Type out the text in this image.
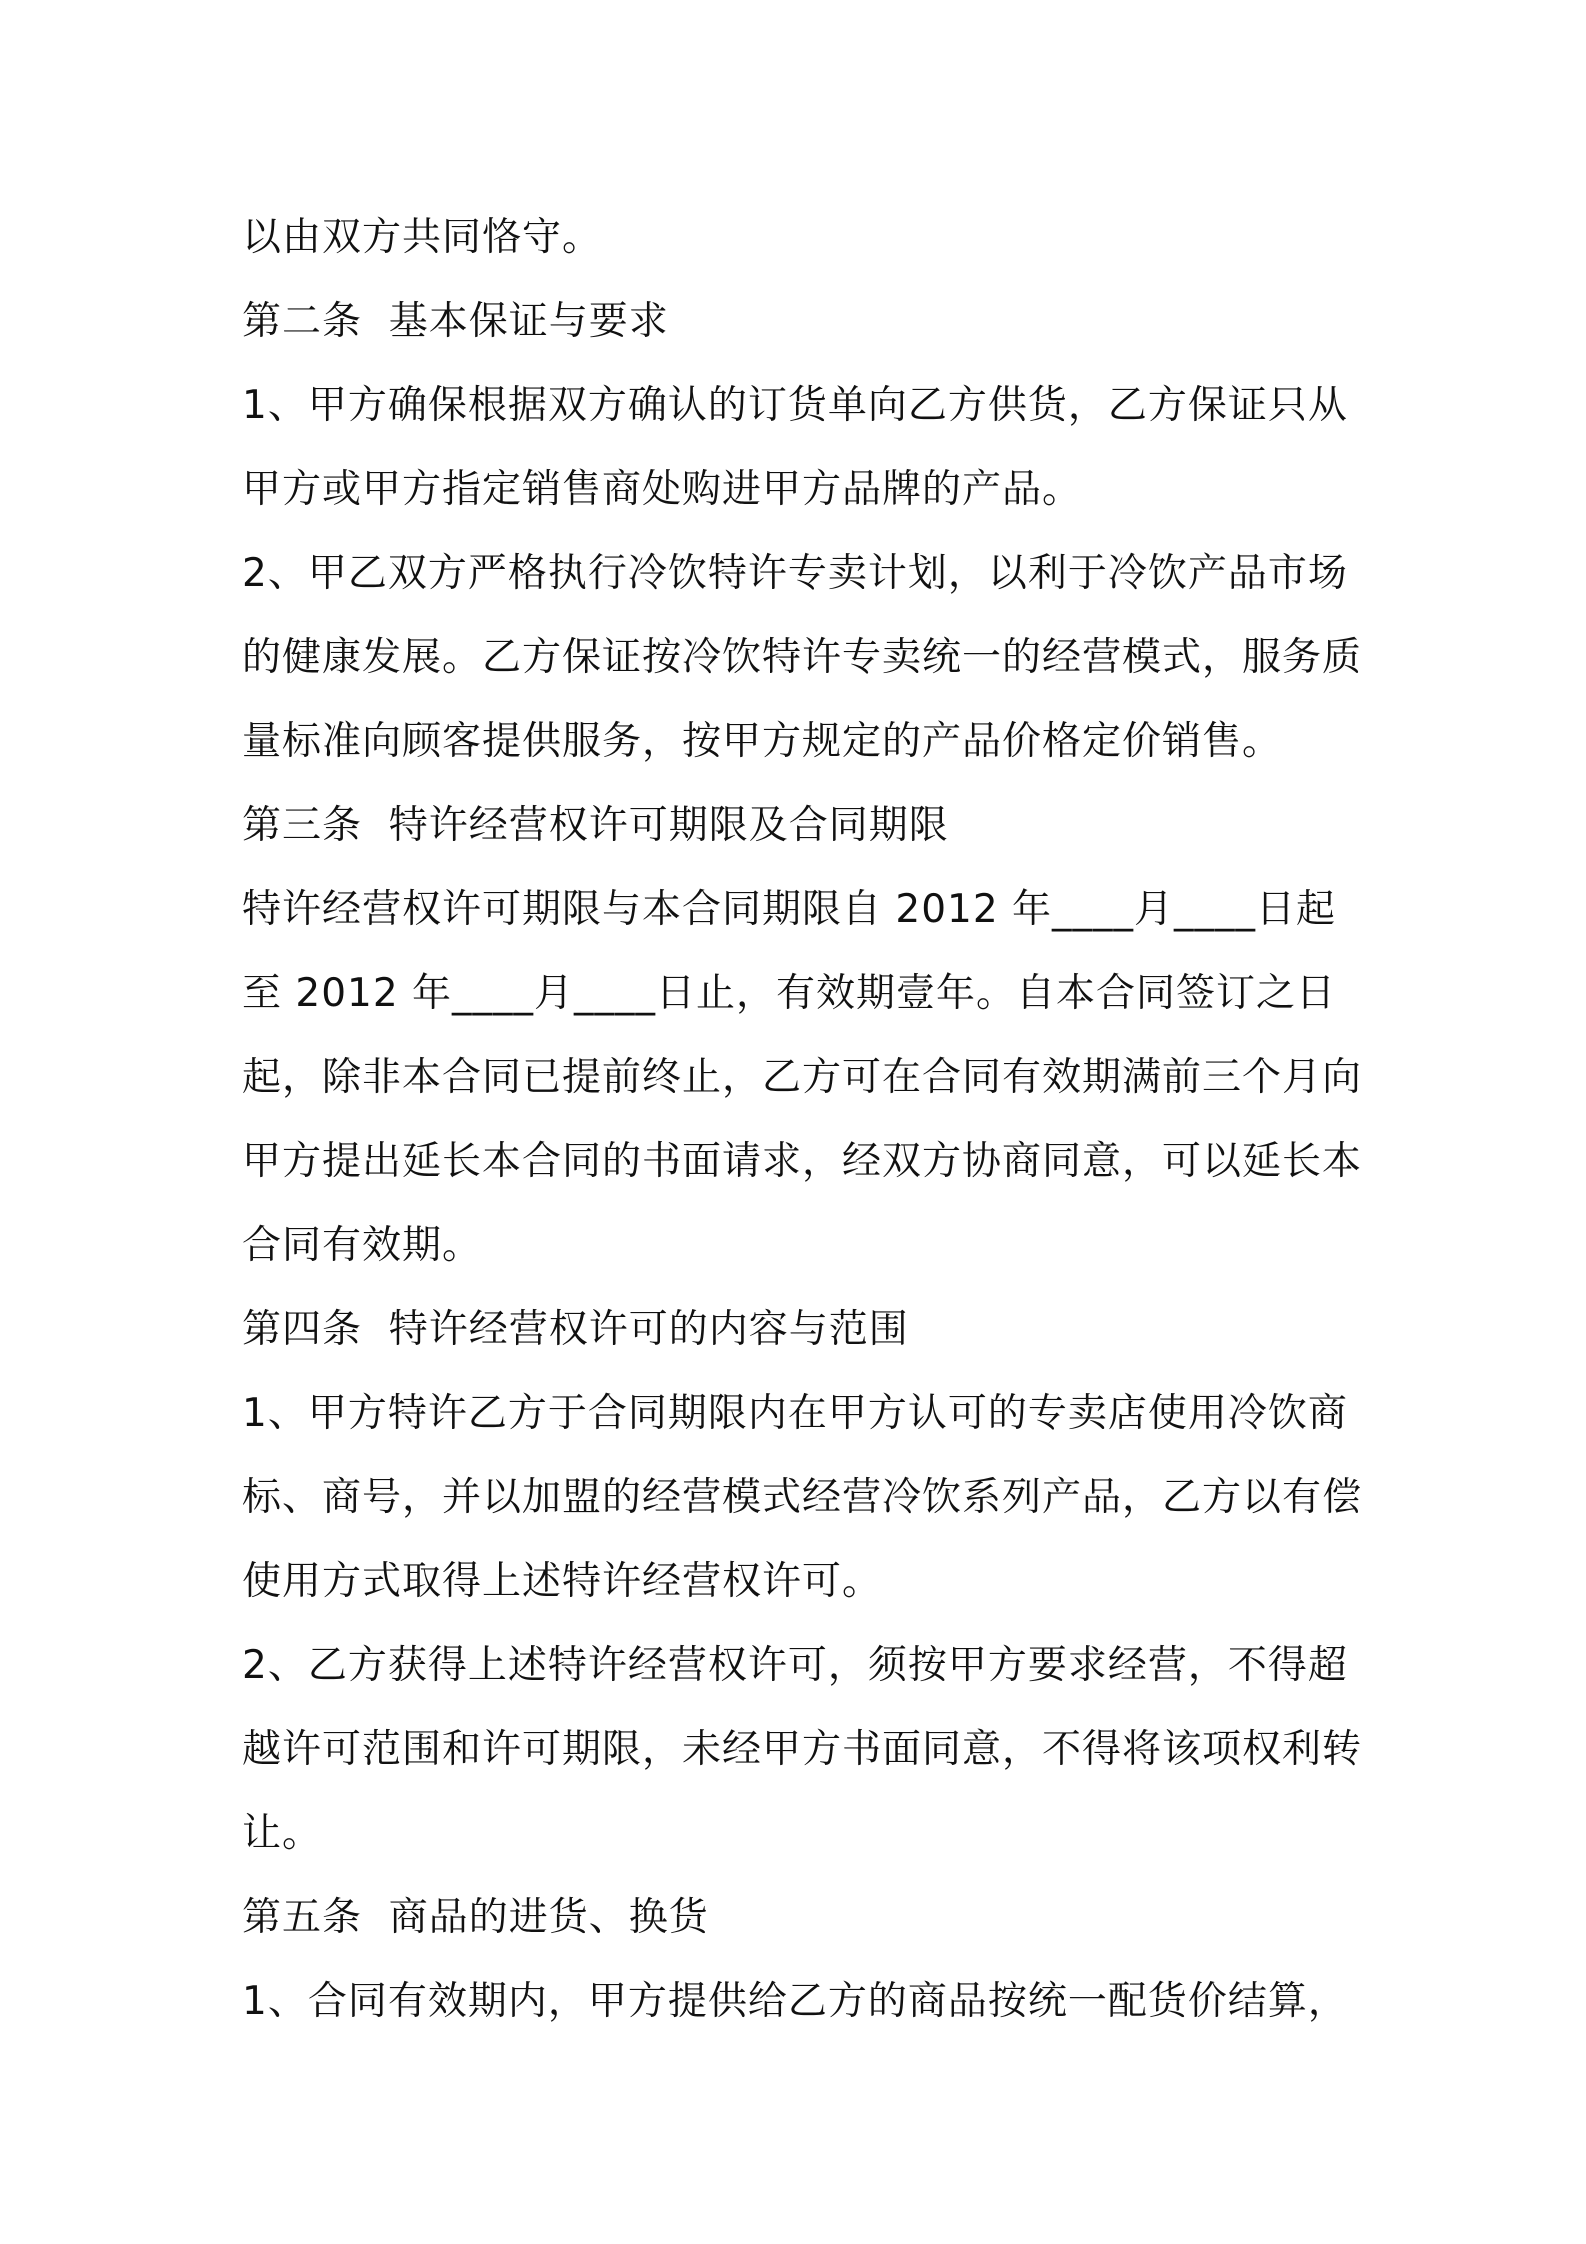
以由双方共同恪守。

第二条  基本保证与要求

1、甲方确保根据双方确认的订货单向乙方供货，乙方保证只从

甲方或甲方指定销售商处购进甲方品牌的产品。

2、甲乙双方严格执行冷饮特许专卖计划，以利于冷饮产品市场

的健康发展。乙方保证按冷饮特许专卖统一的经营模式，服务质

量标准向顾客提供服务，按甲方规定的产品价格定价销售。

第三条  特许经营权许可期限及合同期限

特许经营权许可期限与本合同期限自 2012 年____月____日起

至 2012 年____月____日止，有效期壹年。自本合同签订之日

起，除非本合同已提前终止，乙方可在合同有效期满前三个月向

甲方提出延长本合同的书面请求，经双方协商同意，可以延长本

合同有效期。

第四条  特许经营权许可的内容与范围

1、甲方特许乙方于合同期限内在甲方认可的专卖店使用冷饮商

标、商号，并以加盟的经营模式经营冷饮系列产品，乙方以有偿

使用方式取得上述特许经营权许可。

2、乙方获得上述特许经营权许可，须按甲方要求经营，不得超

越许可范围和许可期限，未经甲方书面同意，不得将该项权利转

让。

第五条  商品的进货、换货

1、合同有效期内，甲方提供给乙方的商品按统一配货价结算，
